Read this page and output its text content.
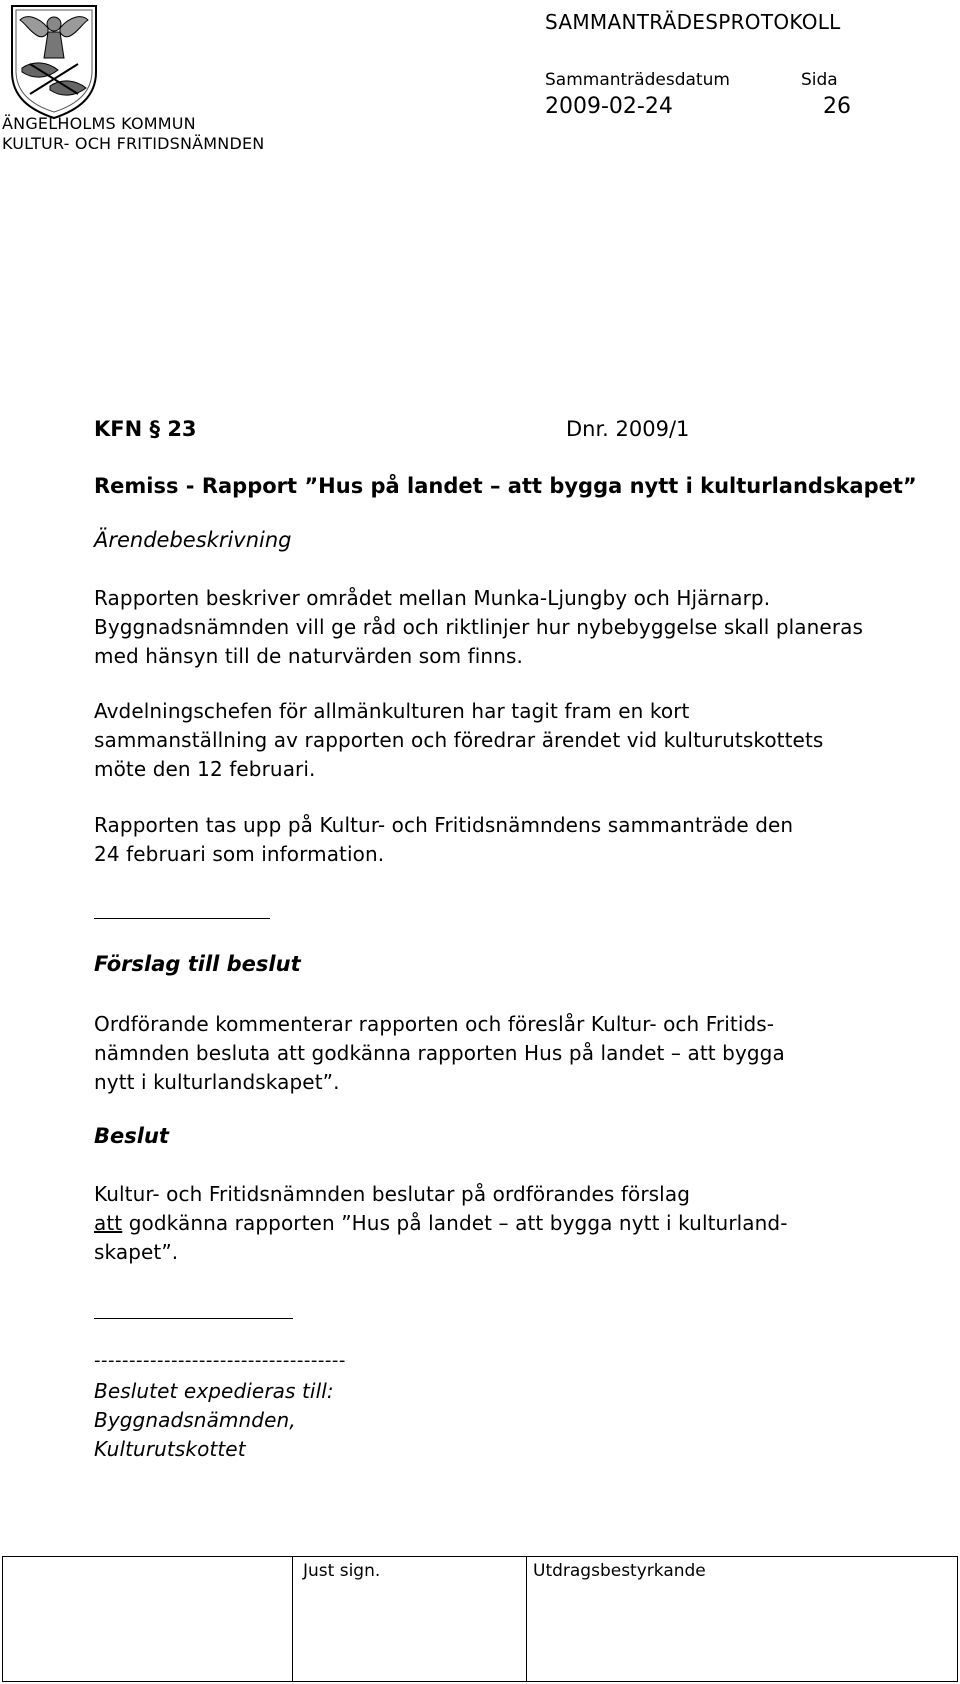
ÄNGELHOLMS KOMMUN
KULTUR- OCH FRITIDSNÄMNDEN
SAMMANTRÄDESPROTOKOLL
Sammanträdesdatum	Sida
2009-02-24	26
KFN § 23	Dnr. 2009/1
Remiss - Rapport ”Hus på landet – att bygga nytt i kulturlandskapet”
Ärendebeskrivning
Rapporten beskriver området mellan Munka-Ljungby och Hjärnarp.
Byggnadsnämnden vill ge råd och riktlinjer hur nybebyggelse skall planeras
med hänsyn till de naturvärden som finns.
Avdelningschefen för allmänkulturen har tagit fram en kort
sammanställning av rapporten och föredrar ärendet vid kulturutskottets
möte den 12 februari.
Rapporten tas upp på Kultur- och Fritidsnämndens sammanträde den
24 februari som information.
Förslag till beslut
Ordförande kommenterar rapporten och föreslår Kultur- och Fritids-
nämnden besluta att godkänna rapporten Hus på landet – att bygga
nytt i kulturlandskapet”.
Beslut
Kultur- och Fritidsnämnden beslutar på ordförandes förslag
att godkänna rapporten ”Hus på landet – att bygga nytt i kulturland-
skapet”.
------------------------------------
Beslutet expedieras till:
Byggnadsnämnden,
Kulturutskottet
Just sign.	Utdragsbestyrkande
